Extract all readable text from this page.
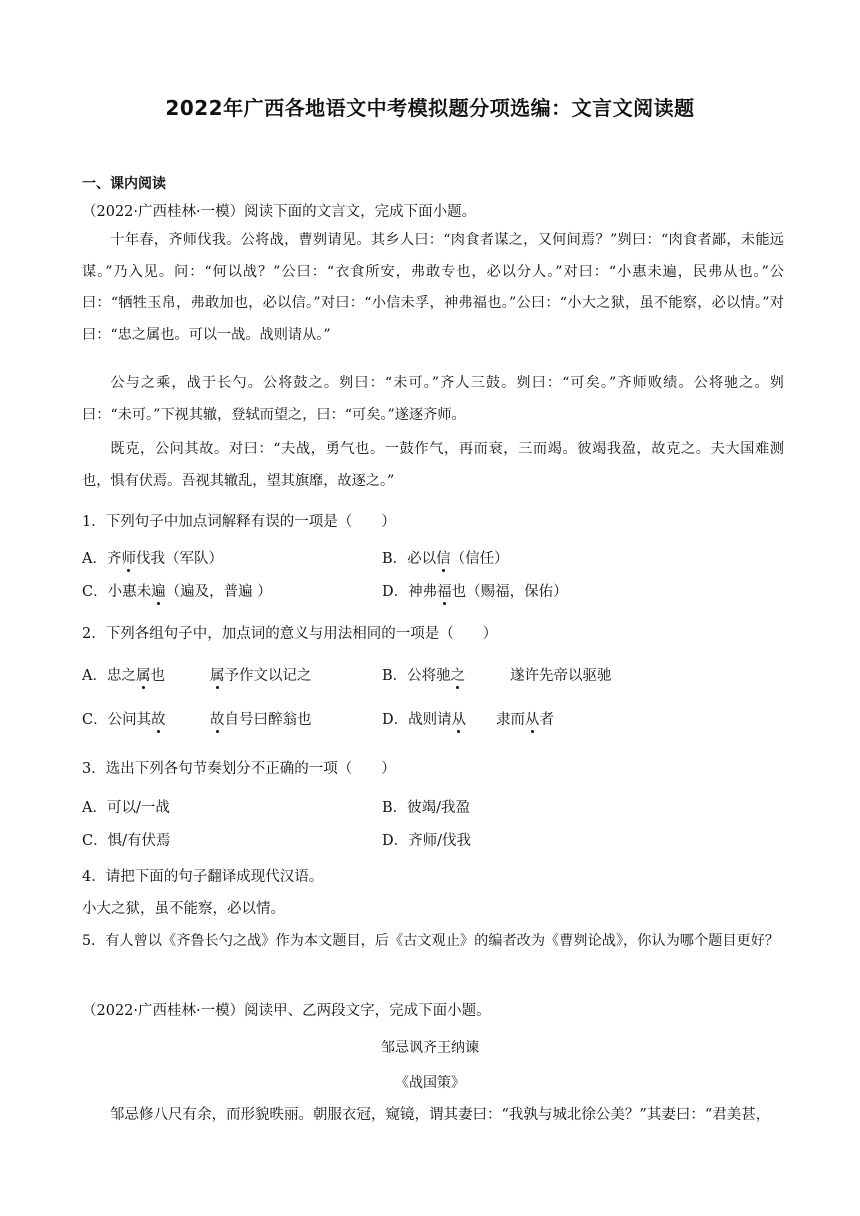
2022年广西各地语文中考模拟题分项选编：文言文阅读题
一、课内阅读
（2022·广西桂林·一模）阅读下面的文言文，完成下面小题。
十年春，齐师伐我。公将战，曹刿请见。其乡人曰：“肉食者谋之，又何间焉？”刿曰：“肉食者鄙，未能远谋。”乃入见。问：“何以战？”公曰：“衣食所安，弗敢专也，必以分人。”对曰：“小惠未遍，民弗从也。”公曰：“牺牲玉帛，弗敢加也，必以信。”对曰：“小信未孚，神弗福也。”公曰：“小大之狱，虽不能察，必以情。”对曰：“忠之属也。可以一战。战则请从。”
公与之乘，战于长勺。公将鼓之。刿曰：“未可。”齐人三鼓。刿曰：“可矣。”齐师败绩。公将驰之。刿曰：“未可。”下视其辙，登轼而望之，曰：“可矣。”遂逐齐师。
既克，公问其故。对曰：“夫战，勇气也。一鼓作气，再而衰，三而竭。彼竭我盈，故克之。夫大国难测也，惧有伏焉。吾视其辙乱，望其旗靡，故逐之。”
1．下列句子中加点词解释有误的一项是（　　）
A．齐师伐我（军队）	B．必以信（信任）
C．小惠未遍（遍及，普遍 ）	D．神弗福也（赐福，保佑）
2．下列各组句子中，加点词的意义与用法相同的一项是（　　）
A．忠之属也	属予作文以记之	B．公将驰之	遂许先帝以驱驰
C．公问其故	故自号曰醉翁也	D．战则请从 隶而从者
3．选出下列各句节奏划分不正确的一项（　　）
A．可以/一战	B．彼竭/我盈
C．惧/有伏焉	D．齐师/伐我
4．请把下面的句子翻译成现代汉语。
小大之狱，虽不能察，必以情。
5．有人曾以《齐鲁长勺之战》作为本文题目，后《古文观止》的编者改为《曹刿论战》，你认为哪个题目更好？
（2022·广西桂林·一模）阅读甲、乙两段文字，完成下面小题。
邹忌讽齐王纳谏
《战国策》
邹忌修八尺有余，而形貌昳丽。朝服衣冠，窥镜，谓其妻曰：“我孰与城北徐公美？”其妻曰：“君美甚，
